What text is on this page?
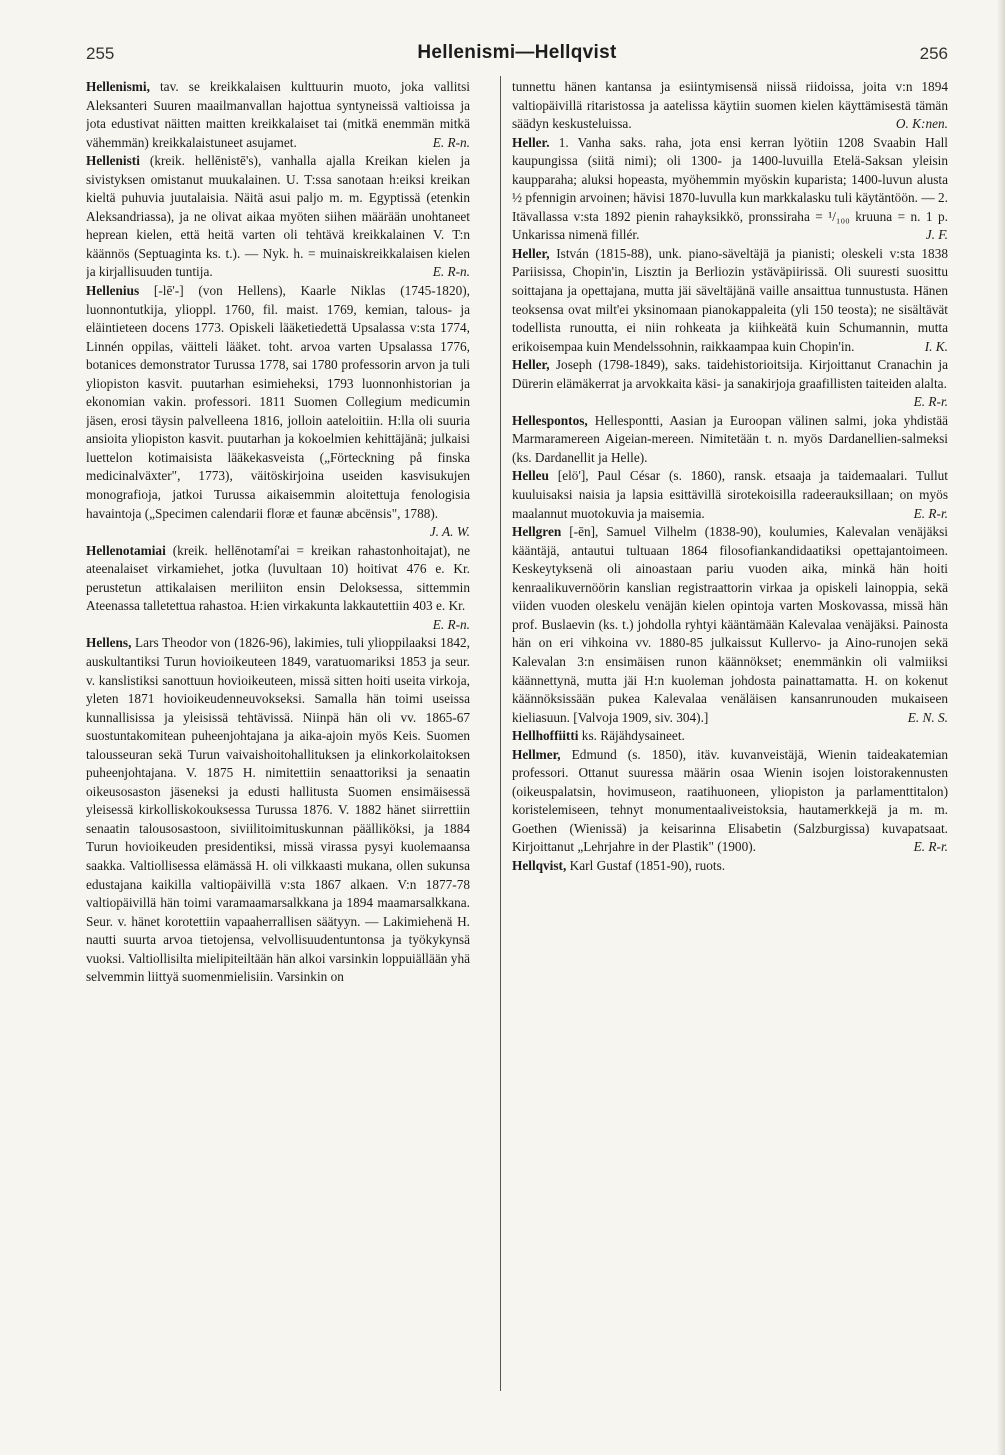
255	Hellenismi—Hellqvist	256

Hellenismi, tav. se kreikkalaisen kulttuurin muoto, joka vallitsi Aleksanteri Suuren maailmanvallan hajottua syntyneissä valtioissa ja jota edustivat näitten maitten kreikkalaiset tai (mitkä enemmän mitkä vähemmän) kreikkalaistuneet asujamet.	E. R-n.

Hellenisti (kreik. hellēnistē's), vanhalla ajalla Kreikan kielen ja sivistyksen omistanut muukalainen. U. T:ssa sanotaan h:eiksi kreikan kieltä puhuvia juutalaisia. Näitä asui paljo m. m. Egyptissä (etenkin Aleksandriassa), ja ne olivat aikaa myöten siihen määrään unohtaneet heprean kielen, että heitä varten oli tehtävä kreikkalainen V. T:n käännös (Septuaginta ks. t.). — Nyk. h. = muinaiskreikkalaisen kielen ja kirjallisuuden tuntija.	E. R-n.

Hellenius [-lē'-] (von Hellens), Kaarle Niklas (1745-1820), luonnontutkija, ylioppl. 1760, fil. maist. 1769, kemian, talous- ja eläintieteen docens 1773. Opiskeli lääketiedettä Upsalassa v:sta 1774, Linnén oppilas, väitteli lääket. toht. arvoa varten Upsalassa 1776, botanices demonstrator Turussa 1778, sai 1780 professorin arvon ja tuli yliopiston kasvit. puutarhan esimieheksi, 1793 luonnonhistorian ja ekonomian vakin. professori. 1811 Suomen Collegium medicumin jäsen, erosi täysin palvelleena 1816, jolloin aateloitiin. H:lla oli suuria ansioita yliopiston kasvit. puutarhan ja kokoelmien kehittäjänä; julkaisi luettelon kotimaisista lääkekasveista („Förteckning på finska medicinalväxter", 1773), väitöskirjoina useiden kasvisukujen monografioja, jatkoi Turussa aikaisemmin aloitettuja fenologisia havaintoja („Specimen calendarii floræ et faunæ abcënsis", 1788).
J. A. W.

Hellenotamiai (kreik. hellēnotamí'ai = kreikan rahastonhoitajat), ne ateenalaiset virkamiehet, jotka (luvultaan 10) hoitivat 476 e. Kr. perustetun attikalaisen meriliiton ensin Deloksessa, sittemmin Ateenassa talletettua rahastoa. H:ien virkakunta lakkautettiin 403 e. Kr.
E. R-n.

Hellens, Lars Theodor von (1826-96), lakimies, tuli ylioppilaaksi 1842, auskultantiksi Turun hovioikeuteen 1849, varatuomariksi 1853 ja seur. v. kanslistiksi sanottuun hovioikeuteen, missä sitten hoiti useita virkoja, yleten 1871 hovioikeudenneuvokseksi. Samalla hän toimi useissa kunnallisissa ja yleisissä tehtävissä. Niinpä hän oli vv. 1865-67 suostuntakomitean puheenjohtajana ja aika-ajoin myös Keis. Suomen talousseuran sekä Turun vaivaishoitohallituksen ja elinkorkolaitoksen puheenjohtajana. V. 1875 H. nimitettiin senaattoriksi ja senaatin oikeusosaston jäseneksi ja edusti hallitusta Suomen ensimäisessä yleisessä kirkolliskokouksessa Turussa 1876. V. 1882 hänet siirrettiin senaatin talousosastoon, siviilitoimituskunnan päälliköksi, ja 1884 Turun hovioikeuden presidentiksi, missä virassa pysyi kuolemaansa saakka. Valtiollisessa elämässä H. oli vilkkaasti mukana, ollen sukunsa edustajana kaikilla valtiopäivillä v:sta 1867 alkaen. V:n 1877-78 valtiopäivillä hän toimi varamaamarsalkkana ja 1894 maamarsalkkana. Seur. v. hänet korotettiin vapaaherrallisen säätyyn. — Lakimiehenä H. nautti suurta arvoa tietojensa, velvollisuudentuntonsa ja työkykynsä vuoksi. Valtiollisilta mielipiteiltään hän alkoi varsinkin loppuiällään yhä selvemmin liittyä suomenmielisiin. Varsinkin on

tunnettu hänen kantansa ja esiintymisensä niissä riidoissa, joita v:n 1894 valtiopäivillä ritaristossa ja aatelissa käytiin suomen kielen käyttämisestä tämän säädyn keskusteluissa.	O. K:nen.

Heller. 1. Vanha saks. raha, jota ensi kerran lyötiin 1208 Svaabin Hall kaupungissa (siitä nimi); oli 1300- ja 1400-luvuilla Etelä-Saksan yleisin kaupparaha; aluksi hopeasta, myöhemmin myöskin kuparista; 1400-luvun alusta ½ pfennigin arvoinen; hävisi 1870-luvulla kun markkalasku tuli käytäntöön. — 2. Itävallassa v:sta 1892 pienin rahayksikkö, pronssiraha = ¹/₁₀₀ kruuna = n. 1 p. Unkarissa nimenä fillér.	J. F.

Heller, István (1815-88), unk. piano-säveltäjä ja pianisti; oleskeli v:sta 1838 Pariisissa, Chopin'in, Lisztin ja Berliozin ystäväpiirissä. Oli suuresti suosittu soittajana ja opettajana, mutta jäi säveltäjänä vaille ansaittua tunnustusta. Hänen teoksensa ovat milt'ei yksinomaan pianokappaleita (yli 150 teosta); ne sisältävät todellista runoutta, ei niin rohkeata ja kiihkeätä kuin Schumannin, mutta erikoisempaa kuin Mendelssohnin, raikkaampaa kuin Chopin'in.	I. K.

Heller, Joseph (1798-1849), saks. taidehistorioitsija. Kirjoittanut Cranachin ja Dürerin elämäkerrat ja arvokkaita käsi- ja sanakirjoja graafillisten taiteiden alalta.
E. R-r.

Hellespontos, Hellespontti, Aasian ja Euroopan välinen salmi, joka yhdistää Marmaramereen Aigeian-mereen. Nimitetään t. n. myös Dardanellien-salmeksi (ks. Dardanellit ja Helle).

Helleu [elö'], Paul César (s. 1860), ransk. etsaaja ja taidemaalari. Tullut kuuluisaksi naisia ja lapsia esittävillä sirotekoisilla radeerauksillaan; on myös maalannut muotokuvia ja maisemia.	E. R-r.

Hellgren [-ēn], Samuel Vilhelm (1838-90), koulumies, Kalevalan venäjäksi kääntäjä, antautui tultuaan 1864 filosofiankandidaatiksi opettajantoimeen. Keskeytyksenä oli ainoastaan pariu vuoden aika, minkä hän hoiti kenraalikuvernöörin kanslian registraattorin virkaa ja opiskeli lainoppia, sekä viiden vuoden oleskelu venäjän kielen opintoja varten Moskovassa, missä hän prof. Buslaevin (ks. t.) johdolla ryhtyi kääntämään Kalevalaa venäjäksi. Painosta hän on eri vihkoina vv. 1880-85 julkaissut Kullervo- ja Aino-runojen sekä Kalevalan 3:n ensimäisen runon käännökset; enemmänkin oli valmiiksi käännettynä, mutta jäi H:n kuoleman johdosta painattamatta. H. on kokenut käännöksissään pukea Kalevalaa venäläisen kansanrunouden mukaiseen kieliasuun. [Valvoja 1909, siv. 304).]	E. N. S.

Hellhoffiitti ks. Räjähdysaineet.

Hellmer, Edmund (s. 1850), itäv. kuvanveistäjä, Wienin taideakatemian professori. Ottanut suuressa määrin osaa Wienin isojen loistorakennusten (oikeuspalatsin, hovimuseon, raatihuoneen, yliopiston ja parlamenttitalon) koristelemiseen, tehnyt monumentaaliveistoksia, hautamerkkejä ja m. m. Goethen (Wienissä) ja keisarinna Elisabetin (Salzburgissa) kuvapatsaat. Kirjoittanut „Lehrjahre in der Plastik" (1900).	E. R-r.

Hellqvist, Karl Gustaf (1851-90), ruots.
